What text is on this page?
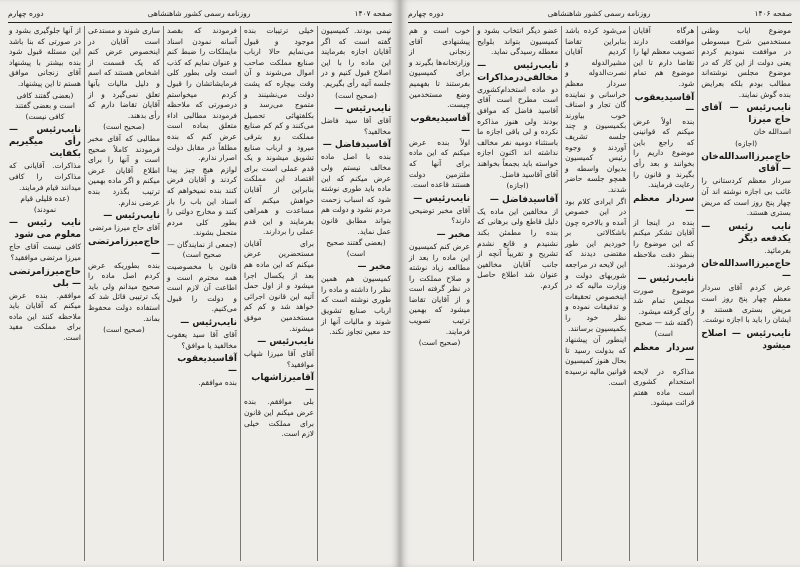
دوره چهارم	روزنامه رسمی کشور شاهنشاهی	صفحه ۱۴۰۷

نیمی‌ بودند. کمیسیون گفته است که اگر آقایان اجازه بفرمایند این ماده را با این اصلاح قبول کنیم و در جلسه آتیه رأی بگیریم.

(صحیح است)

نایب‌رئیس —

آقای آقا سید فاضل مخالفید؟

آقاسیدفاضل —

بنده با اصل ماده مخالف نیستم ولی عرض میکنم که این ماده باید طوری نوشته شود که اسباب زحمت مردم نشود و دولت هم بتواند مطابق قانون عمل نماید.

(بعضی گفتند صحیح است)

مخبر —

کمیسیون هم همین نظر را داشته و ماده را طوری نوشته است که ارباب صنایع تشویق شوند و مالیات آنها از حد معین تجاوز نکند.

خیلی ترتیبات بنده موجود و قبول می‌نمایم حالا ارباب صنایع مملکت صاحب اموال می‌شوند و آن وقت بیچاره که پشت دولت می‌نشینند و متموج می‌رسد و بکلفتهائی تحصیل می‌کنند و کم کم صنایع مملکت رو بترقی میرود و ارباب صنایع تشویق میشوند و یک قدم عملی است برای اقتصاد این مملکت بنابراین از آقایان خواهش میکنم که مساعدت و همراهی بفرمایند و این قدم عملی را بردارند.

برای آقایان مستحضرین عرض میکنم که این ماده هم بعد از یکسال اجرا میشود و از اول حمل آتیه این قانون اجرائی خواهد شد و کم کم مستخدمین موفق میشوند.

نایب‌رئیس —

آقای آقا میرزا شهاب موافقید؟

آقامیرزاشهاب —

بلی موافقم. بنده عرض میکنم این قانون برای مملکت خیلی لازم است.

فرمودند که بقصد آسانه نمودن اسناد مایملکات را ضبط کنم و عنوان نمایم که کذب است ولی بطور کلی فرمایشاتشان را قبول کردم میخواستم درصورتی که ملاحظه فرمودند مطالبی اداء متعلق بماده است عرض کنم که بنده مطلقاً در مقابل دولت اصرار ندارم.

لوازم هیچ چیز پیدا کردند و آقایان فرض کنند بنده نمیخواهم که اسناد این باب را باز کنند و مخارج دولتی را بطور کلی مردم متحمل بشوند.

(جمعی از نمایندگان — صحیح است)

قانون با مخصوصیت همه محترم است و اطاعت آن لازم است و دولت را قبول می‌کنیم.

نایب‌رئیس —

آقای آقا سید یعقوب مخالفید یا موافق؟

آقاسیدیعقوب —

بنده موافقم.

ساری شوند و مستدعی است آقایان در اینخصوص عرض کنم که یک قسمت از اشخاص هستند که اسم و دلیل مالیات بآنها تعلق نمی‌گیرد و از آقایان تقاضا دارم که رأی بدهند.

(صحیح است)

مطالبی که آقای مخبر فرمودند کاملاً صحیح است و آنها را برای اطلاع آقایان عرض میکنم و اگر ماده بهمین ترتیب بگذرد بنده عرضی ندارم.

نایب‌رئیس —

آقای حاج میرزا مرتضی

حاج‌میرزامرتضی —

بنده بطوریکه عرض کردم اصل ماده را صحیح میدانم ولی باید یک ترتیبی قائل شد که استفاده دولت محفوظ بماند.

(صحیح است)

از آنها جلوگیری بشود و در صورتی که بنا باشد این مسئله قبول شود بنده بیشتر با پیشنهاد آقای زنجانی موافق هستم تا این پیشنهاد.

(بعضی گفتند کافی است و بعضی گفتند کافی نیست)

نایب‌رئیس — رأی میگیریم بکفایت

مذاکرات. آقایانی که مذاکرات را کافی میدانند قیام فرمایند.

(عده قلیلی قیام نمودند)

نایب رئیس — معلوم می شود

کافی نیست آقای حاج میرزا مرتضی موافقید؟

حاج‌میرزامرتضی — بلی

موافقم. بنده عرض میکنم که آقایان باید ملاحظه کنند این ماده برای مملکت مفید است.

دوره چهارم	روزنامه رسمی کشور شاهنشاهی	صفحه ۱۴۰۶

موضوع ایاب وطنی مستخدمین شرح مبسوطی در موافقت نمودیم کردم یعنی دولت از این کار که در موضوع مجلس نوشته‌اند مطالب بودم بلکه بعرایض بنده گوش نمایند.

نایب‌رئیس — آقای حاج میرزا

اسدالله خان

(اجازه)

حاج‌میرزااسدالله‌خان — آقای

سردار معظم کردستانی را غائب بی اجازه نوشته اند آن چهار پنج روز است که مریض بستری هستند.

نایب رئیس — یکدفعه دیگر

بفرمائید.

حاج‌میرزااسدالله‌خان —

عرض کردم آقای سردار معظم چهار پنج روز است مریض بستری هستند و ایشان را باید با اجازه نوشت.

نایب‌رئیس — اصلاح میشود

هرگاه آقایان موافقت دارند تصویب معظم لها را تقاضا دارم تا این موضوع هم تمام شود.

آقاسیدیعقوب —

بنده اولاً عرض میکنم که قوانینی که راجع باین موضوع داریم را بخوانند و بعد رأی بگیرند و قانون را رعایت فرمایند.

سردار معظم —

بنده در اینجا از آقایان تشکر میکنم که این موضوع را بنظر دقت ملاحظه فرمودند.

نایب‌رئیس —

موضوع صورت مجلس تمام شد رأی گرفته میشود.

(گفته شد — صحیح است)

سردار معظم —

مذاکره در لایحه استخدام کشوری است ماده هفتم قرائت میشود.

می‌شود کرده باشد بنابراین تقاضا کردیم آقایان مشیرالدوله و نصرت‌الدوله و سردار معظم خراسانی و نماینده گان تجار و اصناف خوب بیاورند بکمیسیون و چند جلسه تشریف آوردند و وجوه رئیس کمیسیون بدیوان واسطه و همچو جلسه حاضر شدند.

اگر ایرادی کلام بود در این خصوص آمده و بالاخره چون باشکالاتی بر خوردیم این طور مقتضی دیدند که این لایحه در مراجعه شوربهای دولت و وزارت مالیه که در اینخصوص تحقیقات و تدقیقات نموده و نظر خود را بکمیسیون برسانند.

اینطور آن پیشنهاد که بدولت رسید تا بحال هنوز کمیسیون قوانین مالیه نرسیده است.

عضو دیگر انتخاب بشود و کمیسیون بتواند بلوایح معطله رسیدگی نماید.

نایب‌رئیس — مخالفی‌درمذاکرات

دو ماده استخدام‌کشوری است مطرح است آقای آقاسید فاضل که موافق بودند ولی هنوز مذاکره نکرده و لی باقی اجازه ما باستثناء دومیه نفر مخالف نداشته اند اکنون اجازه خواسته باید بجمعاً بخواهند آقای آقاسید فاضل.

(اجازه)

آقاسیدفاضل —

از مخالفین این ماده یک دلیل قاطع ولی برهانی که بنده را مطمئن بکند نشنیدم و قانع نشدم تشریح و تقریباً آنچه از جانب آقایان مخالفین عنوان شد اطلاع حاصل کردم.

خوب است و هم پیشنهادی آقای زنجانی از وزارتخانه‌ها بگیرند و برای کمیسیون بفرستند تا بفهمیم وضع مستخدمین چیست.

آقاسیدیعقوب —

اولاً بنده عرض میکنم که این ماده برای آنها که ملتزمین دولت هستند قاعده است.

نایب‌رئیس —

آقای مخبر توضیحی دارند؟

مخبر —

عرض کنم کمیسیون این ماده را بعد از مطالعه زیاد نوشته و صلاح مملکت را در نظر گرفته است و از آقایان تقاضا میشود که بهمین ترتیب تصویب فرمایند.

(صحیح است)
